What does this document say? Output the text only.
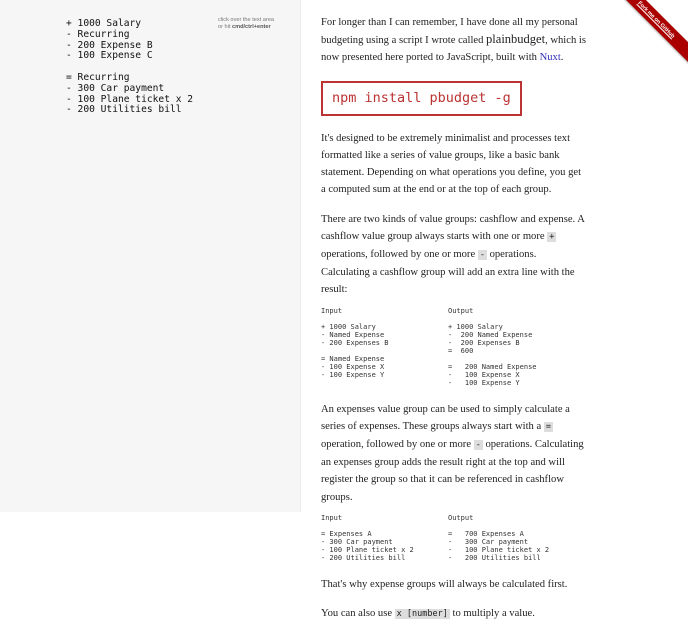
+ 1000 Salary
- Recurring
- 200 Expense B
- 100 Expense C

= Recurring
- 300 Car payment
- 100 Plane ticket x 2
- 200 Utilities bill
click over the text area
or hit cmd/ctrl+enter	For longer than I can remember, I have done all my personal budgeting using a script I wrote called plainbudget, which is now presented here ported to JavaScript, built with Nuxt.

npm install pbudget -g

It's designed to be extremely minimalist and processes text formatted like a series of value groups, like a basic bank statement. Depending on what operations you define, you get a computed sum at the end or at the top of each group.

There are two kinds of value groups: cashflow and expense. A cashflow value group always starts with one or more + operations, followed by one or more - operations. Calculating a cashflow group will add an extra line with the result:

Input
+ 1000 Salary
- Named Expense
- 200 Expenses B

= Named Expense
- 100 Expense X
- 100 Expense Y
Output
+ 1000 Salary
-  200 Named Expense
-  200 Expenses B
=  600

=   200 Named Expense
-   100 Expense X
-   100 Expense Y

An expenses value group can be used to simply calculate a series of expenses. These groups always start with a = operation, followed by one or more - operations. Calculating an expenses group adds the result right at the top and will register the group so that it can be referenced in cashflow groups.

Input
= Expenses A
- 300 Car payment
- 100 Plane ticket x 2
- 200 Utilities bill
Output
=   700 Expenses A
-   300 Car payment
-   100 Plane ticket x 2
-   200 Utilities bill

That's why expense groups will always be calculated first.

You can also use x [number] to multiply a value.

Fork me on GitHub
